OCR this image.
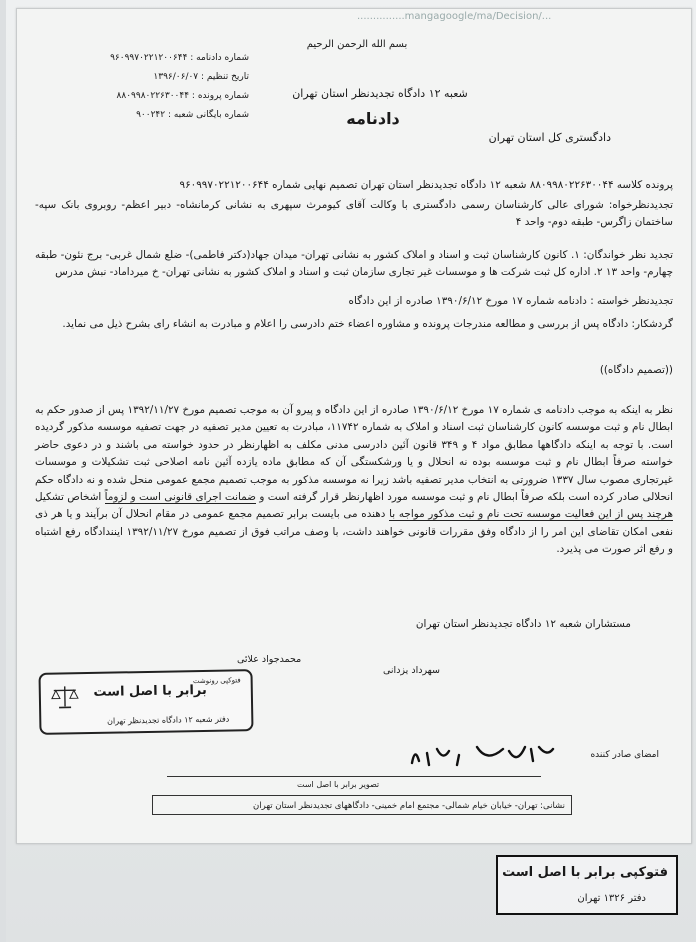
...............mangagoogle/ma/Decision/...
شماره دادنامه : ۹۶۰۹۹۷۰۲۲۱۲۰۰۶۴۴
تاریخ تنظیم : ۱۳۹۶/۰۶/۰۷
شماره پرونده : ۸۸۰۹۹۸۰۲۲۶۳۰۰۴۴
شماره بایگانی شعبه : ۹۰۰۲۴۲
بسم الله الرحمن الرحیم
شعبه ۱۲ دادگاه تجدیدنظر استان تهران
دادنامه
دادگستری کل استان تهران
پرونده کلاسه ۸۸۰۹۹۸۰۲۲۶۳۰۰۴۴ شعبه ۱۲ دادگاه تجدیدنظر استان تهران تصمیم نهایی شماره ۹۶۰۹۹۷۰۲۲۱۲۰۰۶۴۴
تجدیدنظرخواه: شورای عالی کارشناسان رسمی دادگستری با وکالت آقای کیومرث سپهری به نشانی کرمانشاه- دبیر اعظم- روبروی بانک سپه- ساختمان زاگرس- طبقه دوم- واحد ۴
تجدید نظر خواندگان: ۱. کانون کارشناسان ثبت و اسناد و املاک کشور به نشانی تهران- میدان جهاد(دکتر فاطمی)- ضلع شمال غربی- برج نئون- طبقه چهارم- واحد ۱۳ ۲. اداره کل ثبت شرکت ها و موسسات غیر تجاری سازمان ثبت و اسناد و املاک کشور به نشانی تهران- خ میرداماد- نبش مدرس
تجدیدنظر خواسته : دادنامه شماره ۱۷ مورخ ۱۳۹۰/۶/۱۲ صادره از این دادگاه
گردشکار: دادگاه پس از بررسی و مطالعه مندرجات پرونده و مشاوره اعضاء ختم دادرسی را اعلام و مبادرت به انشاء رای بشرح ذیل می نماید.
((تصمیم دادگاه))
نظر به اینکه به موجب دادنامه ی شماره ۱۷ مورخ ۱۳۹۰/۶/۱۲ صادره از این دادگاه و پیرو آن به موجب تصمیم مورخ ۱۳۹۲/۱۱/۲۷ پس از صدور حکم به ابطال نام و ثبت موسسه کانون کارشناسان ثبت اسناد و املاک به شماره ۱۱۷۴۲، مبادرت به تعیین مدیر تصفیه در جهت تصفیه موسسه مذکور گردیده است. با توجه به اینکه دادگاهها مطابق مواد ۴ و ۳۴۹ قانون آئین دادرسی مدنی مکلف به اظهارنظر در حدود خواسته می باشند و در دعوی حاضر خواسته صرفاً ابطال نام و ثبت موسسه بوده نه انحلال و یا ورشکستگی آن که مطابق ماده یازده آئین نامه اصلاحی ثبت تشکیلات و موسسات غیرتجاری مصوب سال ۱۳۳۷ ضرورتی به انتخاب مدیر تصفیه باشد زیرا نه موسسه مذکور به موجب تصمیم مجمع عمومی منحل شده و نه دادگاه حکم انحلالی صادر کرده است بلکه صرفاً ابطال نام و ثبت موسسه مورد اظهارنظر قرار گرفته است و ضمانت اجرای قانونی است و لزوماً اشخاص تشکیل هرچند پس از این فعالیت موسسه تحت نام و ثبت مذکور مواجه با دهنده می بایست برابر تصمیم مجمع عمومی در مقام انحلال آن برآیند و یا هر ذی نفعی امکان تقاضای این امر را از دادگاه وفق مقررات قانونی خواهند داشت، با وصف مراتب فوق از تصمیم مورخ ۱۳۹۲/۱۱/۲۷ اینندادگاه رفع اشتباه و رفع اثر صورت می پذیرد.
مستشاران شعبه ۱۲ دادگاه تجدیدنظر استان تهران
محمدجواد علائی
سهرداد یزدانی
فتوکپی رونوشت
برابر با اصل است
دفتر شعبه ۱۲ دادگاه تجدیدنظر تهران
امضای صادر کننده
تصویر برابر با اصل است
نشانی: تهران- خیابان خیام شمالی- مجتمع امام خمینی- دادگاههای تجدیدنظر استان تهران
فتوکپی برابر با اصل است
دفتر ۱۳۲۶ تهران
